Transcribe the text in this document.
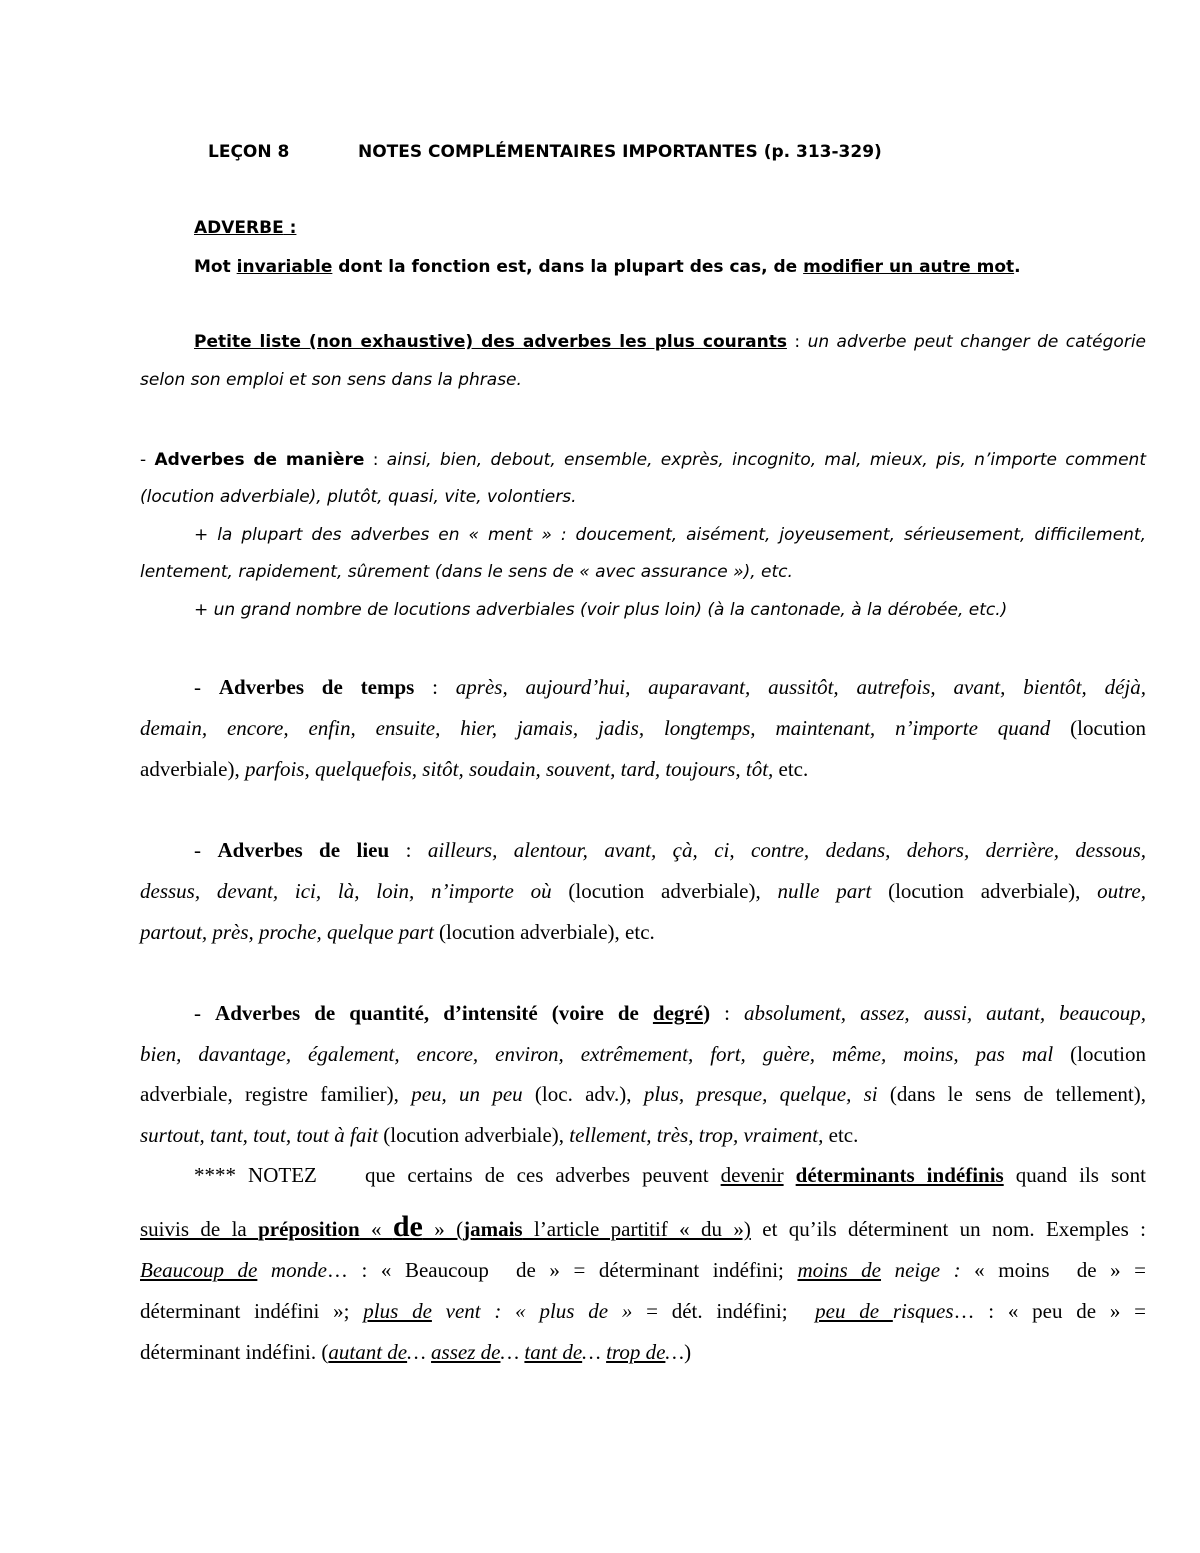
LEÇON 8	NOTES COMPLÉMENTAIRES IMPORTANTES (p. 313-329)
ADVERBE :
Mot invariable dont la fonction est, dans la plupart des cas, de modifier un autre mot.
Petite liste (non exhaustive) des adverbes les plus courants : un adverbe peut changer de catégorie
selon son emploi et son sens dans la phrase.
- Adverbes de manière : ainsi, bien, debout, ensemble, exprès, incognito, mal, mieux, pis, n’importe comment
(locution adverbiale), plutôt, quasi, vite, volontiers.
+ la plupart des adverbes en « ment » : doucement, aisément, joyeusement, sérieusement, difficilement,
lentement, rapidement, sûrement (dans le sens de « avec assurance »), etc.
+ un grand nombre de locutions adverbiales (voir plus loin) (à la cantonade, à la dérobée, etc.)
- Adverbes de temps : après, aujourd’hui, auparavant, aussitôt, autrefois, avant, bientôt, déjà,
demain, encore, enfin, ensuite, hier, jamais, jadis, longtemps, maintenant, n’importe quand (locution
adverbiale), parfois, quelquefois, sitôt, soudain, souvent, tard, toujours, tôt, etc.
- Adverbes de lieu : ailleurs, alentour, avant, çà, ci, contre, dedans, dehors, derrière, dessous,
dessus, devant, ici, là, loin, n’importe où (locution adverbiale), nulle part (locution adverbiale), outre,
partout, près, proche, quelque part (locution adverbiale), etc.
- Adverbes de quantité, d’intensité (voire de degré) : absolument, assez, aussi, autant, beaucoup,
bien, davantage, également, encore, environ, extrêmement, fort, guère, même, moins, pas mal (locution
adverbiale, registre familier), peu, un peu (loc. adv.), plus, presque, quelque, si (dans le sens de tellement),
surtout, tant, tout, tout à fait (locution adverbiale), tellement, très, trop, vraiment, etc.
**** NOTEZ    que certains de ces adverbes peuvent devenir déterminants indéfinis quand ils sont
suivis de la préposition « de » (jamais l’article partitif « du ») et qu’ils déterminent un nom. Exemples :
Beaucoup de monde… : « Beaucoup  de » = déterminant indéfini; moins de neige : « moins  de » =
déterminant indéfini »; plus de vent : « plus de » = dét. indéfini;  peu de risques… : « peu de » =
déterminant indéfini. (autant de… assez de… tant de… trop de…)
